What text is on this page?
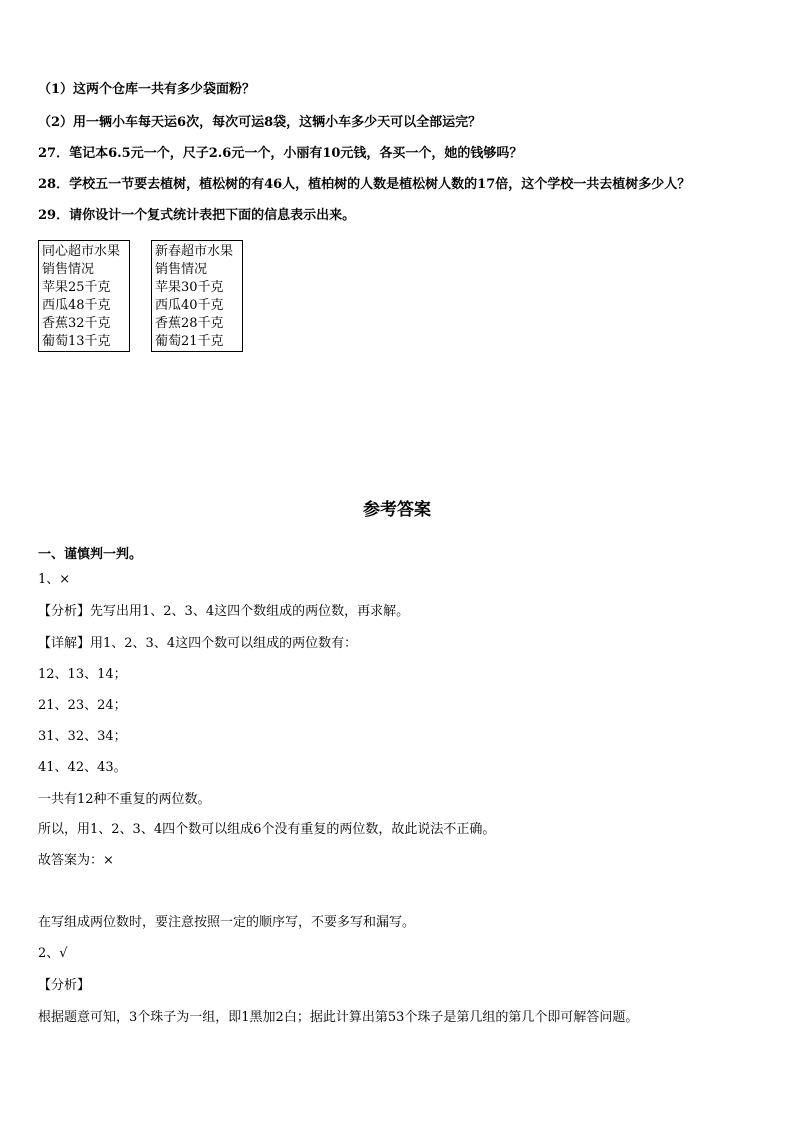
（1）这两个仓库一共有多少袋面粉？
（2）用一辆小车每天运6次，每次可运8袋，这辆小车多少天可以全部运完？
27．笔记本6.5元一个，尺子2.6元一个，小丽有10元钱，各买一个，她的钱够吗？
28．学校五一节要去植树，植松树的有46人，植柏树的人数是植松树人数的17倍，这个学校一共去植树多少人？
29．请你设计一个复式统计表把下面的信息表示出来。
同心超市水果
销售情况
苹果25千克
西瓜48千克
香蕉32千克
葡萄13千克
新春超市水果
销售情况
苹果30千克
西瓜40千克
香蕉28千克
葡萄21千克
参考答案
一、谨慎判一判。
1、×
【分析】先写出用1、2、3、4这四个数组成的两位数，再求解。
【详解】用1、2、3、4这四个数可以组成的两位数有：
12、13、14；
21、23、24；
31、32、34；
41、42、43。
一共有12种不重复的两位数。
所以，用1、2、3、4四个数可以组成6个没有重复的两位数，故此说法不正确。
故答案为：×
在写组成两位数时，要注意按照一定的顺序写，不要多写和漏写。
2、√
【分析】
根据题意可知，3个珠子为一组，即1黑加2白；据此计算出第53个珠子是第几组的第几个即可解答问题。
